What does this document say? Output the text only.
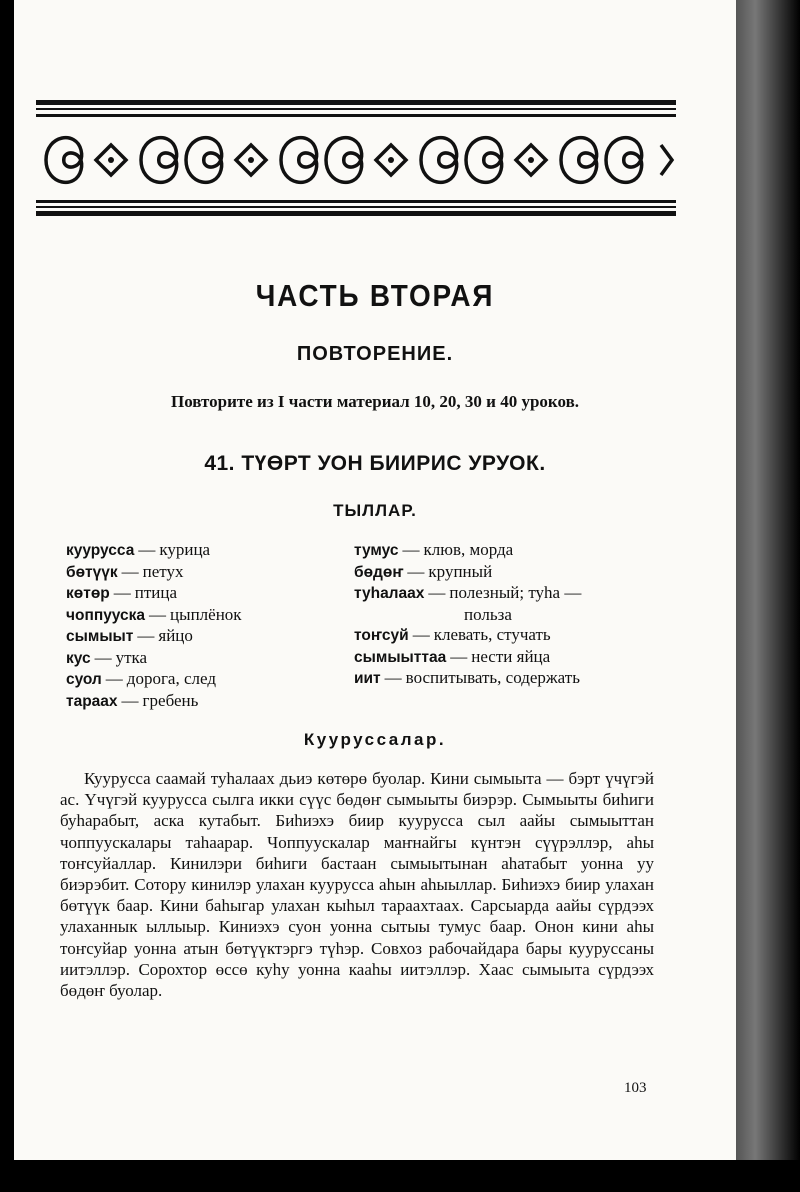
ЧАСТЬ ВТОРАЯ
ПОВТОРЕНИЕ.
Повторите из I части материал 10, 20, 30 и 40 уроков.
41. ТҮӨРТ УОН БИИРИС УРУОК.
ТЫЛЛАР.
куурусса — курица
бөтүүк — петух
көтөр — птица
чоппууска — цыплёнок
сымыыт — яйцо
кус — утка
суол — дорога, след
тараах — гребень
тумус — клюв, морда
бөдөҥ — крупный
туһалаах — полезный; туһа —
польза
тоҥсуй — клевать, стучать
сымыыттаа — нести яйца
иит — воспитывать, содержать
Кууруссалар.
Куурусса саамай туһалаах дьиэ көтөрө буолар. Кини сымыыта — бэрт үчүгэй ас. Үчүгэй куурусса сылга икки сүүс бөдөҥ сымыыты биэрэр. Сымыыты биһиги буһарабыт, аска кутабыт. Биһиэхэ биир куурусса сыл аайы сымыыттан чоппуускалары таһаарар. Чоппуускалар маҥнайгы күнтэн сүүрэллэр, аһы тоҥсуйаллар. Кинилэри биһиги бастаан сымыытынан аһатабыт уонна уу биэрэбит. Сотору кинилэр улахан куурусса аһын аһыыллар. Биһиэхэ биир улахан бөтүүк баар. Кини баһыгар улахан кыһыл тараахтаах. Сарсыарда аайы сүрдээх улаханнык ыллыыр. Киниэхэ суон уонна сытыы тумус баар. Онон кини аһы тоҥсуйар уонна атын бөтүүктэргэ түһэр. Совхоз рабочайдара бары кууруссаны иитэллэр. Сорохтор өссө куһу уонна кааһы иитэллэр. Хаас сымыыта сүрдээх бөдөҥ буолар.
103
